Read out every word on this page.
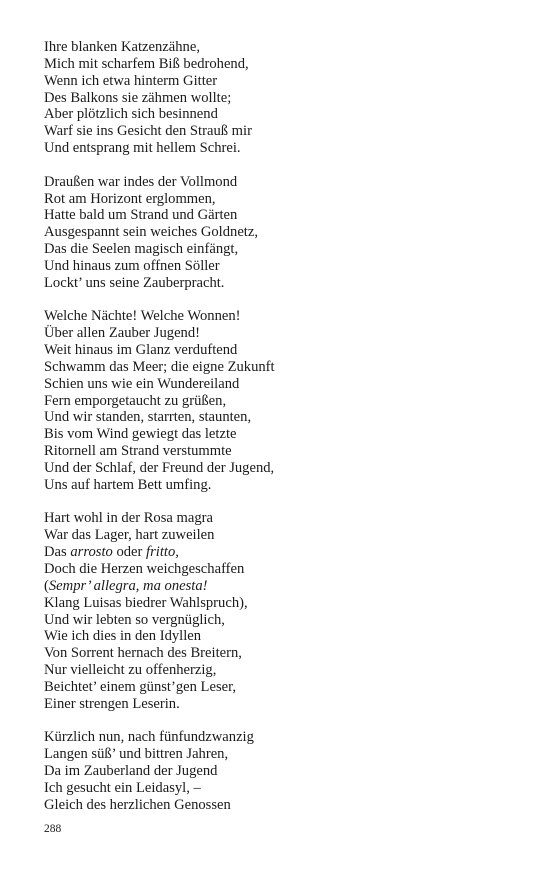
Ihre blanken Katzenzähne,
Mich mit scharfem Biß bedrohend,
Wenn ich etwa hinterm Gitter
Des Balkons sie zähmen wollte;
Aber plötzlich sich besinnend
Warf sie ins Gesicht den Strauß mir
Und entsprang mit hellem Schrei.
Draußen war indes der Vollmond
Rot am Horizont erglommen,
Hatte bald um Strand und Gärten
Ausgespannt sein weiches Goldnetz,
Das die Seelen magisch einfängt,
Und hinaus zum offnen Söller
Lockt’ uns seine Zauberpracht.
Welche Nächte! Welche Wonnen!
Über allen Zauber Jugend!
Weit hinaus im Glanz verduftend
Schwamm das Meer; die eigne Zukunft
Schien uns wie ein Wundereiland
Fern emporgetaucht zu grüßen,
Und wir standen, starrten, staunten,
Bis vom Wind gewiegt das letzte
Ritornell am Strand verstummte
Und der Schlaf, der Freund der Jugend,
Uns auf hartem Bett umfing.
Hart wohl in der Rosa magra
War das Lager, hart zuweilen
Das arrosto oder fritto,
Doch die Herzen weichgeschaffen
(Sempr’ allegra, ma onesta!
Klang Luisas biedrer Wahlspruch),
Und wir lebten so vergnüglich,
Wie ich dies in den Idyllen
Von Sorrent hernach des Breitern,
Nur vielleicht zu offenherzig,
Beichtet’ einem günst’gen Leser,
Einer strengen Leserin.
Kürzlich nun, nach fünfundzwanzig
Langen süß’ und bittren Jahren,
Da im Zauberland der Jugend
Ich gesucht ein Leidasyl, –
Gleich des herzlichen Genossen
288
